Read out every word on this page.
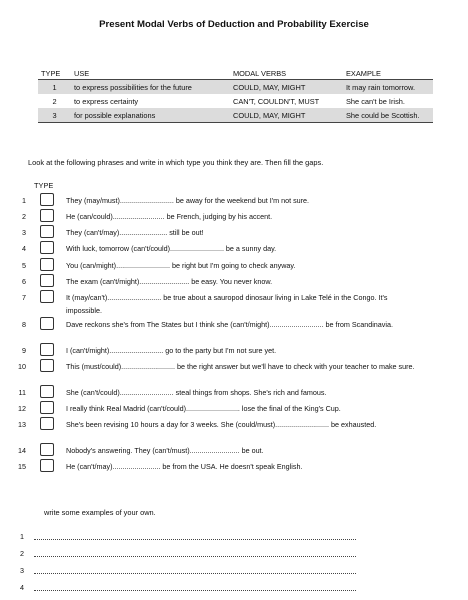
Present Modal Verbs of Deduction and Probability Exercise
TYPE	USE	MODAL VERBS	EXAMPLE
1	to express possibilities for the future	COULD, MAY, MIGHT	It may rain tomorrow.
2	to express certainty	CAN'T, COULDN'T, MUST	She can't be Irish.
3	for possible explanations	COULD, MAY, MIGHT	She could be Scottish.
Look at the following phrases and write in which type you think they are. Then fill the gaps.
TYPE
1	They (may/must)........................... be away for the weekend but I'm not sure.
2	He (can/could).......................... be French, judging by his accent.
3	They (can't/may)........................ still be out!
4	With luck, tomorrow (can't/could)........................... be a sunny day.
5	You (can/might)........................... be right but I'm going to check anyway.
6	The exam (can't/might)......................... be easy. You never know.
7	It (may/can't)........................... be true about a sauropod dinosaur living in Lake Telé in the Congo. It's impossible.
8	Dave reckons she's from The States but I think she (can't/might)........................... be from Scandinavia.
9	I (can't/might)........................... go to the party but I'm not sure yet.
10	This (must/could)........................... be the right answer but we'll have to check with your teacher to make sure.
11	She (can't/could)........................... steal things from shops. She's rich and famous.
12	I really think Real Madrid (can't/could)........................... lose the final of the King's Cup.
13	She's been revising 10 hours a day for 3 weeks. She (could/must)........................... be exhausted.
14	Nobody's answering. They (can't/must)......................... be out.
15	He (can't/may)........................ be from the USA. He doesn't speak English.
write some examples of your own.
1
2
3
4
